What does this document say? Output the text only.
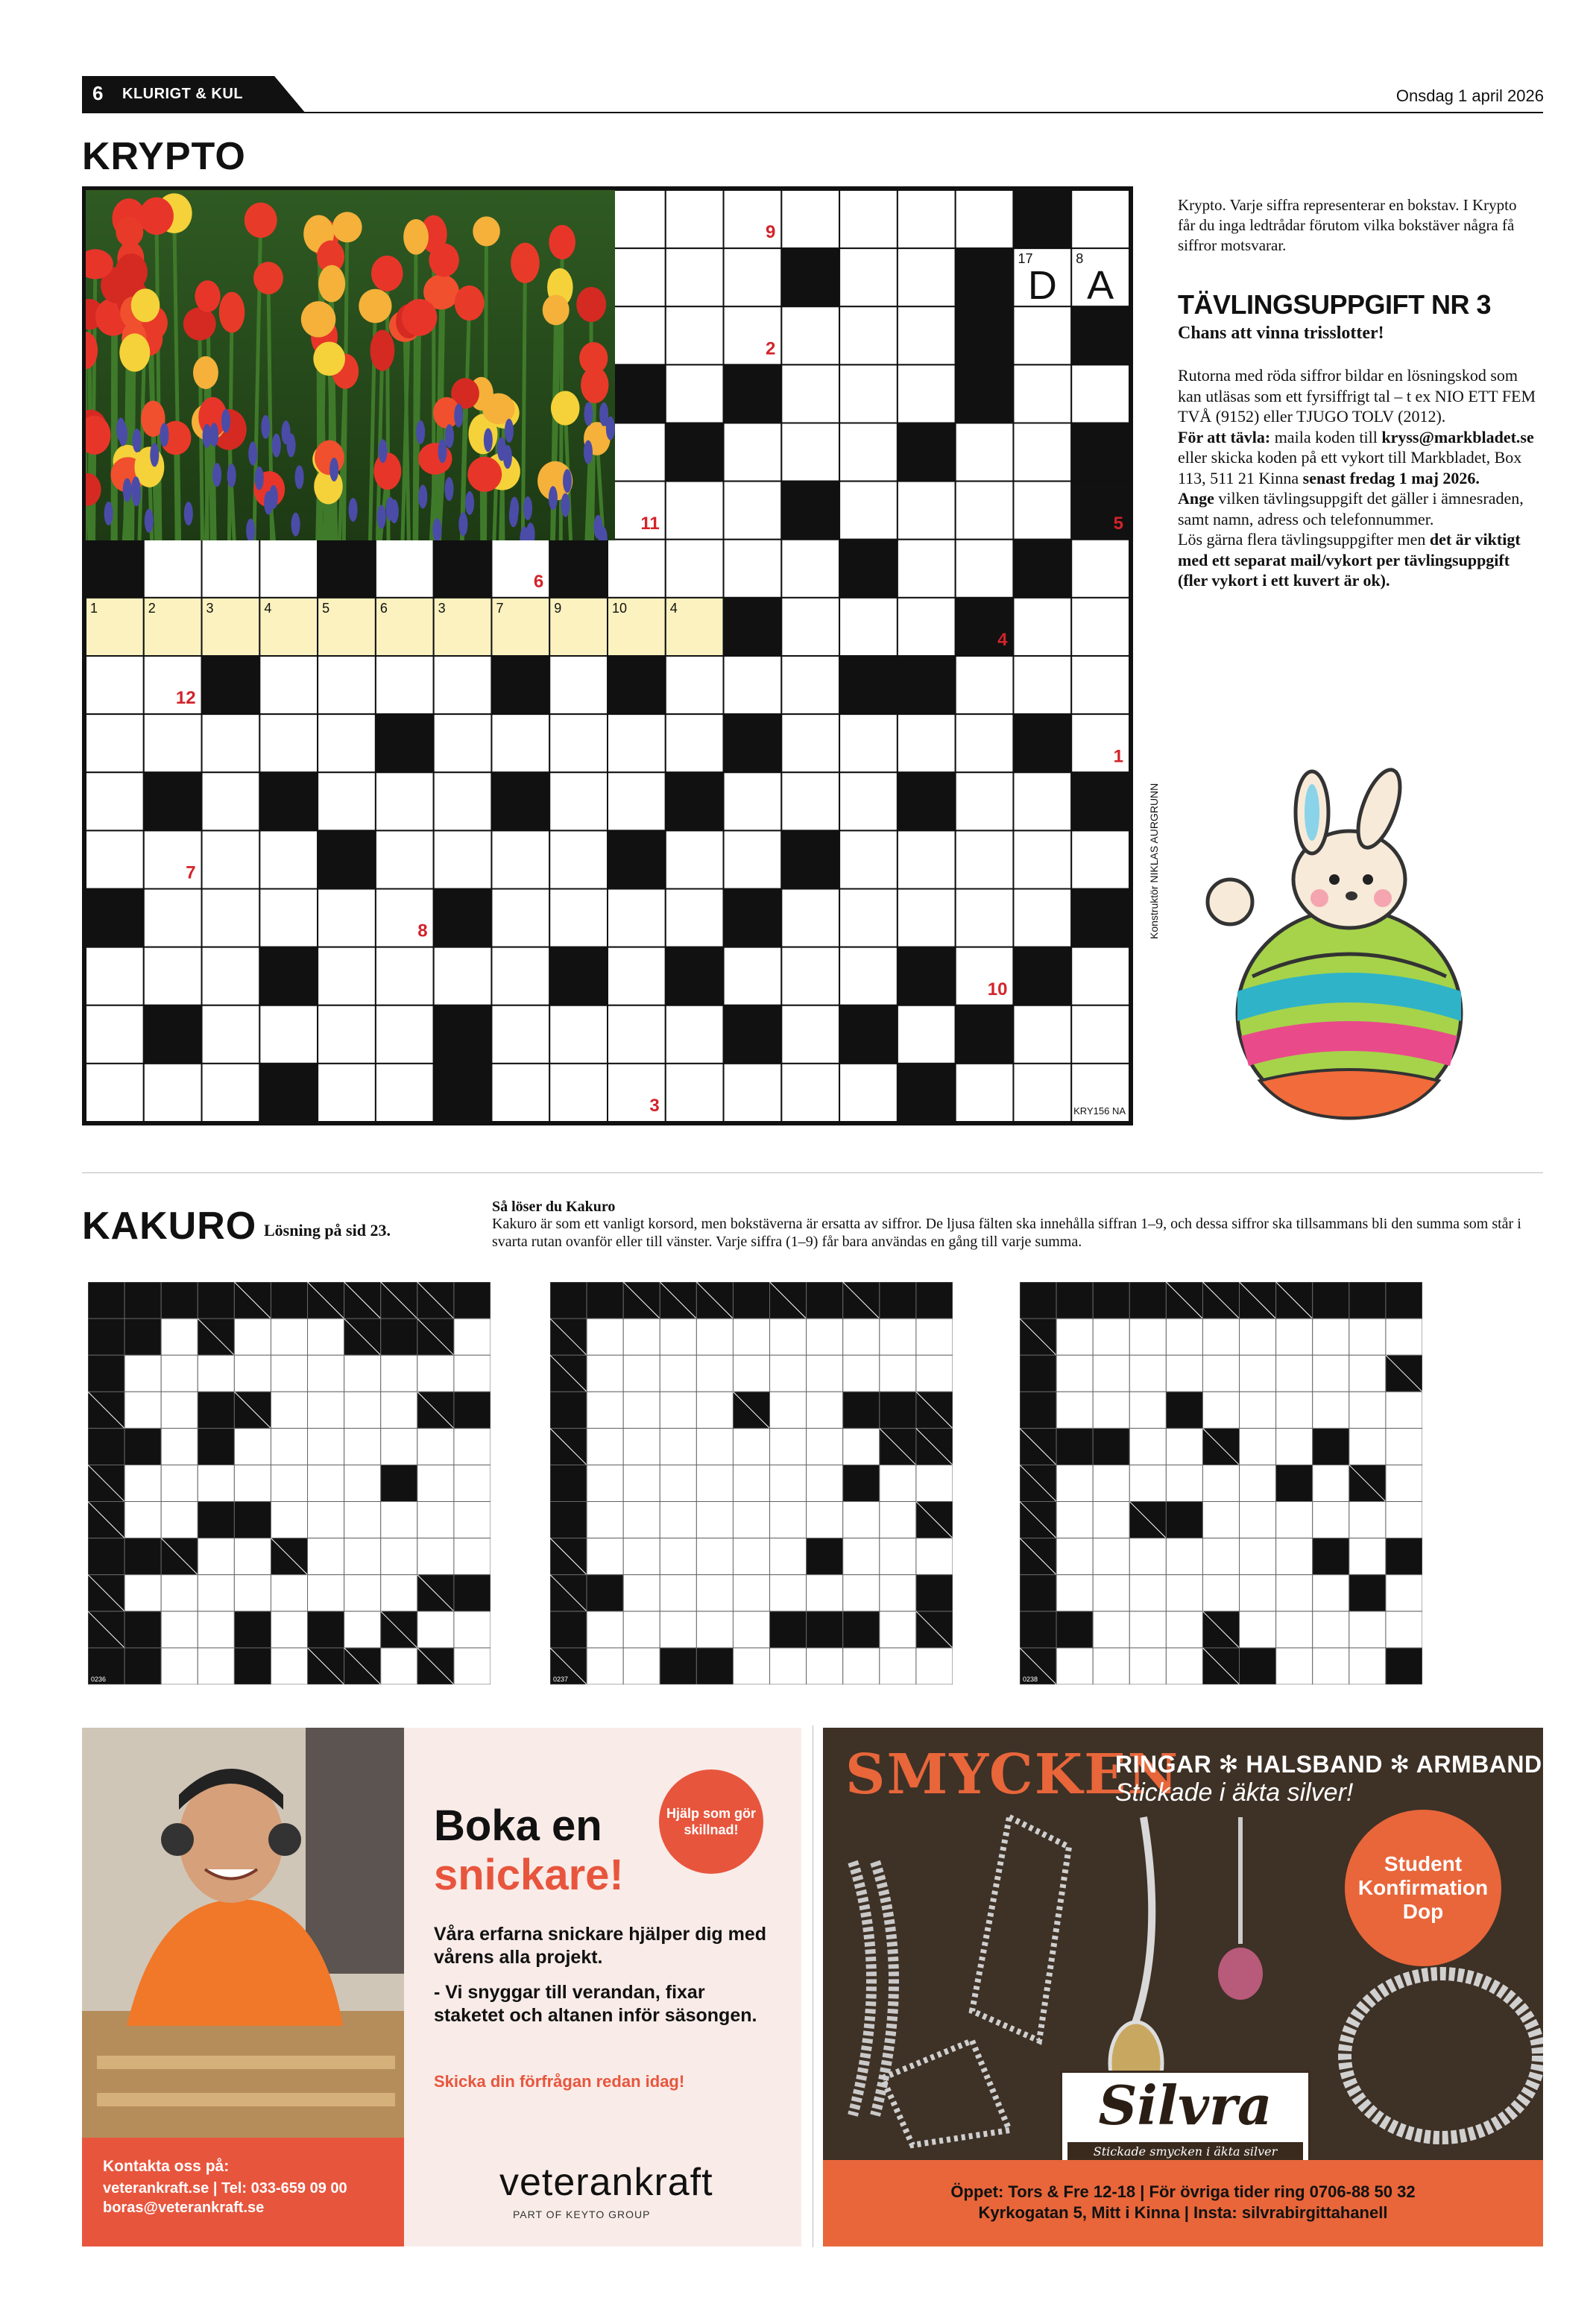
6 KLURIGT & KUL	Onsdag 1 april 2026
KRYPTO
1	2	3	4	5	6	3	7	9	10	4
19
Å
17
D
8
A
9
2
11	5
6
4
12
1
7
8
10
3	KRY156 NA
Krypto. Varje siffra representerar en bokstav. I Krypto får du inga ledtrådar förutom vilka bokstäver några få siffror motsvarar.
TÄVLINGSUPPGIFT NR 3
Chans att vinna trisslotter!
Rutorna med röda siffror bildar en lösningskod som kan utläsas som ett fyrsiffrigt tal – t ex NIO ETT FEM TVÅ (9152) eller TJUGO TOLV (2012).
För att tävla: maila koden till kryss@markbladet.se eller skicka koden på ett vykort till Markbladet, Box 113, 511 21 Kinna senast fredag 1 maj 2026.
Ange vilken tävlingsuppgift det gäller i ämnesraden, samt namn, adress och telefonnummer.
Lös gärna flera tävlingsuppgifter men det är viktigt med ett separat mail/vykort per tävlingsuppgift (fler vykort i ett kuvert är ok).
Konstruktör NIKLAS AURGRUNN
KAKURO Lösning på sid 23.
Så löser du Kakuro
Kakuro är som ett vanligt korsord, men bokstäverna är ersatta av siffror. De ljusa fälten ska innehålla siffran 1–9, och dessa siffror ska tillsammans bli den summa som står i svarta rutan ovanför eller till vänster. Varje siffra (1–9) får bara användas en gång till varje summa.
0236	0237	0238
Kontakta oss på:
veterankraft.se | Tel: 033-659 09 00
boras@veterankraft.se
Hjälp som gör skillnad!
Boka en
snickare!
Våra erfarna snickare hjälper dig med vårens alla projekt.
- Vi snyggar till verandan, fixar staketet och altanen inför säsongen.
Skicka din förfrågan redan idag!
veterankraft
PART OF KEYTO GROUP
SMYCKEN
RINGAR ✻ HALSBAND ✻ ARMBAND
Stickade i äkta silver!
Student
Konfirmation
Dop
Silvra
Stickade smycken i äkta silver
Öppet: Tors & Fre 12-18 | För övriga tider ring 0706-88 50 32
Kyrkogatan 5, Mitt i Kinna | Insta: silvrabirgittahanell
